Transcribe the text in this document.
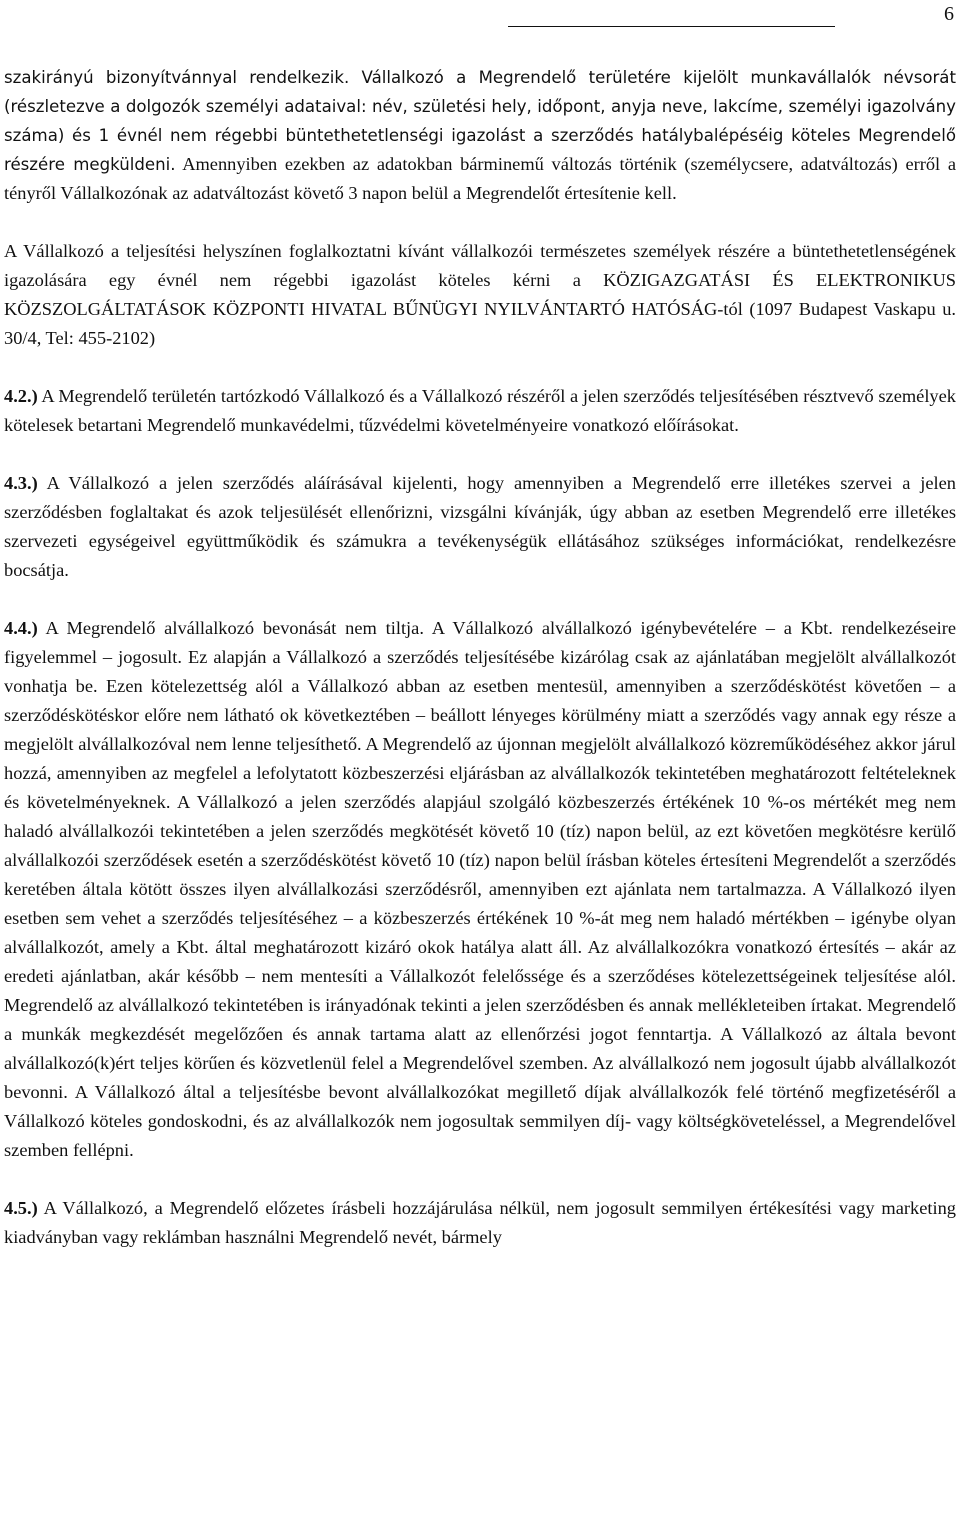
6

szakirányú bizonyítvánnyal rendelkezik. Vállalkozó a Megrendelő területére kijelölt munkavállalók névsorát (részletezve a dolgozók személyi adataival: név, születési hely, időpont, anyja neve, lakcíme, személyi igazolvány száma) és 1 évnél nem régebbi büntethetetlenségi igazolást a szerződés hatálybalépéséig köteles Megrendelő részére megküldeni. Amennyiben ezekben az adatokban bárminemű változás történik (személycsere, adatváltozás) erről a tényről Vállalkozónak az adatváltozást követő 3 napon belül a Megrendelőt értesítenie kell.

A Vállalkozó a teljesítési helyszínen foglalkoztatni kívánt vállalkozói természetes személyek részére a büntethetetlenségének igazolására egy évnél nem régebbi igazolást köteles kérni a KÖZIGAZGATÁSI ÉS ELEKTRONIKUS KÖZSZOLGÁLTATÁSOK KÖZPONTI HIVATAL BŰNÜGYI NYILVÁNTARTÓ HATÓSÁG-tól (1097 Budapest Vaskapu u. 30/4, Tel: 455-2102)

4.2.) A Megrendelő területén tartózkodó Vállalkozó és a Vállalkozó részéről a jelen szerződés teljesítésében résztvevő személyek kötelesek betartani Megrendelő munkavédelmi, tűzvédelmi követelményeire vonatkozó előírásokat.

4.3.) A Vállalkozó a jelen szerződés aláírásával kijelenti, hogy amennyiben a Megrendelő erre illetékes szervei a jelen szerződésben foglaltakat és azok teljesülését ellenőrizni, vizsgálni kívánják, úgy abban az esetben Megrendelő erre illetékes szervezeti egységeivel együttműködik és számukra a tevékenységük ellátásához szükséges információkat, rendelkezésre bocsátja.

4.4.) A Megrendelő alvállalkozó bevonását nem tiltja. A Vállalkozó alvállalkozó igénybevételére – a Kbt. rendelkezéseire figyelemmel – jogosult. Ez alapján a Vállalkozó a szerződés teljesítésébe kizárólag csak az ajánlatában megjelölt alvállalkozót vonhatja be. Ezen kötelezettség alól a Vállalkozó abban az esetben mentesül, amennyiben a szerződéskötést követően – a szerződéskötéskor előre nem látható ok következtében – beállott lényeges körülmény miatt a szerződés vagy annak egy része a megjelölt alvállalkozóval nem lenne teljesíthető. A Megrendelő az újonnan megjelölt alvállalkozó közreműködéséhez akkor járul hozzá, amennyiben az megfelel a lefolytatott közbeszerzési eljárásban az alvállalkozók tekintetében meghatározott feltételeknek és követelményeknek. A Vállalkozó a jelen szerződés alapjául szolgáló közbeszerzés értékének 10 %-os mértékét meg nem haladó alvállalkozói tekintetében a jelen szerződés megkötését követő 10 (tíz) napon belül, az ezt követően megkötésre kerülő alvállalkozói szerződések esetén a szerződéskötést követő 10 (tíz) napon belül írásban köteles értesíteni Megrendelőt a szerződés keretében általa kötött összes ilyen alvállalkozási szerződésről, amennyiben ezt ajánlata nem tartalmazza. A Vállalkozó ilyen esetben sem vehet a szerződés teljesítéséhez – a közbeszerzés értékének 10 %-át meg nem haladó mértékben – igénybe olyan alvállalkozót, amely a Kbt. által meghatározott kizáró okok hatálya alatt áll. Az alvállalkozókra vonatkozó értesítés – akár az eredeti ajánlatban, akár később – nem mentesíti a Vállalkozót felelőssége és a szerződéses kötelezettségeinek teljesítése alól. Megrendelő az alvállalkozó tekintetében is irányadónak tekinti a jelen szerződésben és annak mellékleteiben írtakat. Megrendelő a munkák megkezdését megelőzően és annak tartama alatt az ellenőrzési jogot fenntartja. A Vállalkozó az általa bevont alvállalkozó(k)ért teljes körűen és közvetlenül felel a Megrendelővel szemben. Az alvállalkozó nem jogosult újabb alvállalkozót bevonni. A Vállalkozó által a teljesítésbe bevont alvállalkozókat megillető díjak alvállalkozók felé történő megfizetéséről a Vállalkozó köteles gondoskodni, és az alvállalkozók nem jogosultak semmilyen díj- vagy költségköveteléssel, a Megrendelővel szemben fellépni.

4.5.) A Vállalkozó, a Megrendelő előzetes írásbeli hozzájárulása nélkül, nem jogosult semmilyen értékesítési vagy marketing kiadványban vagy reklámban használni Megrendelő nevét, bármely
